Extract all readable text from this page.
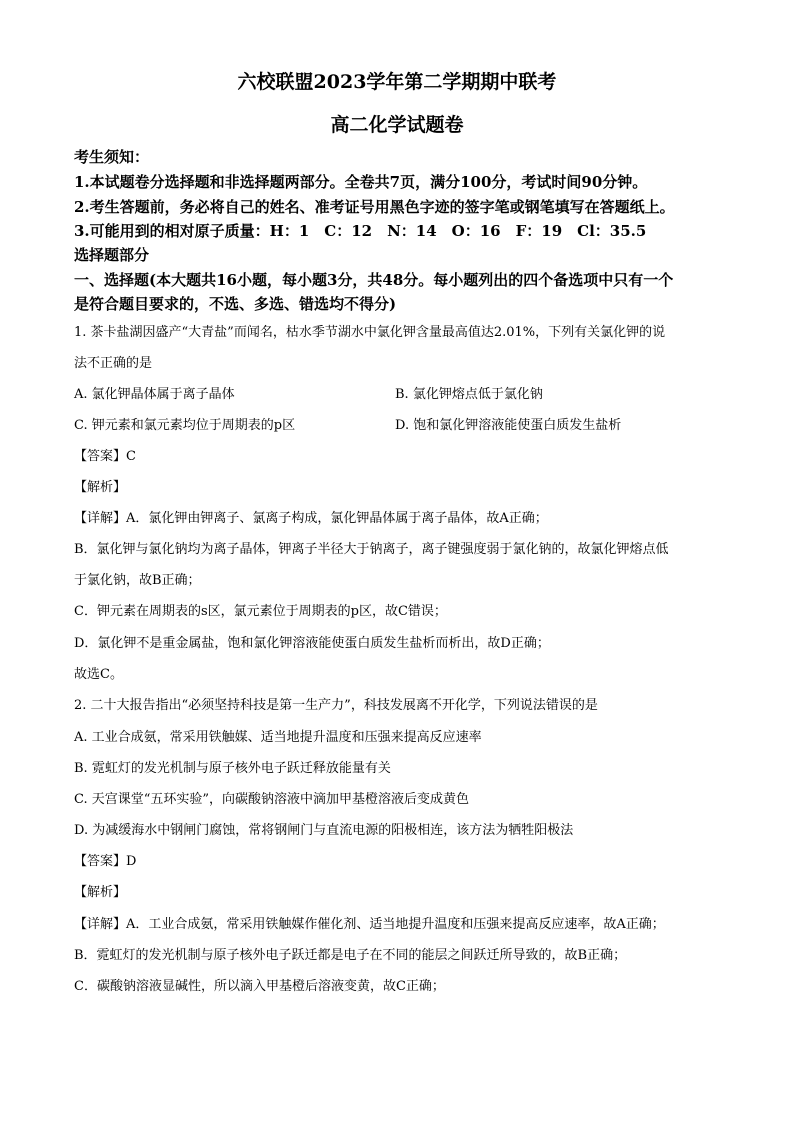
六校联盟2023学年第二学期期中联考
高二化学试题卷
考生须知：
1.本试题卷分选择题和非选择题两部分。全卷共7页，满分100分，考试时间90分钟。
2.考生答题前，务必将自己的姓名、准考证号用黑色字迹的签字笔或钢笔填写在答题纸上。
3.可能用到的相对原子质量：H：1　C：12　N：14　O：16　F：19　Cl：35.5
选择题部分
一、选择题(本大题共16小题，每小题3分，共48分。每小题列出的四个备选项中只有一个
是符合题目要求的，不选、多选、错选均不得分)
1. 茶卡盐湖因盛产“大青盐”而闻名，枯水季节湖水中氯化钾含量最高值达2.01%，下列有关氯化钾的说
法不正确的是
A. 氯化钾晶体属于离子晶体	B. 氯化钾熔点低于氯化钠
C. 钾元素和氯元素均位于周期表的p区	D. 饱和氯化钾溶液能使蛋白质发生盐析
【答案】C
【解析】
【详解】A．氯化钾由钾离子、氯离子构成，氯化钾晶体属于离子晶体，故A正确；
B．氯化钾与氯化钠均为离子晶体，钾离子半径大于钠离子，离子键强度弱于氯化钠的，故氯化钾熔点低
于氯化钠，故B正确；
C．钾元素在周期表的s区，氯元素位于周期表的p区，故C错误；
D．氯化钾不是重金属盐，饱和氯化钾溶液能使蛋白质发生盐析而析出，故D正确；
故选C。
2. 二十大报告指出“必须坚持科技是第一生产力”，科技发展离不开化学，下列说法错误的是
A. 工业合成氨，常采用铁触媒、适当地提升温度和压强来提高反应速率
B. 霓虹灯的发光机制与原子核外电子跃迁释放能量有关
C. 天宫课堂“五环实验”，向碳酸钠溶液中滴加甲基橙溶液后变成黄色
D. 为减缓海水中钢闸门腐蚀，常将钢闸门与直流电源的阳极相连，该方法为牺牲阳极法
【答案】D
【解析】
【详解】A．工业合成氨，常采用铁触媒作催化剂、适当地提升温度和压强来提高反应速率，故A正确；
B．霓虹灯的发光机制与原子核外电子跃迁都是电子在不同的能层之间跃迁所导致的，故B正确；
C．碳酸钠溶液显碱性，所以滴入甲基橙后溶液变黄，故C正确；
